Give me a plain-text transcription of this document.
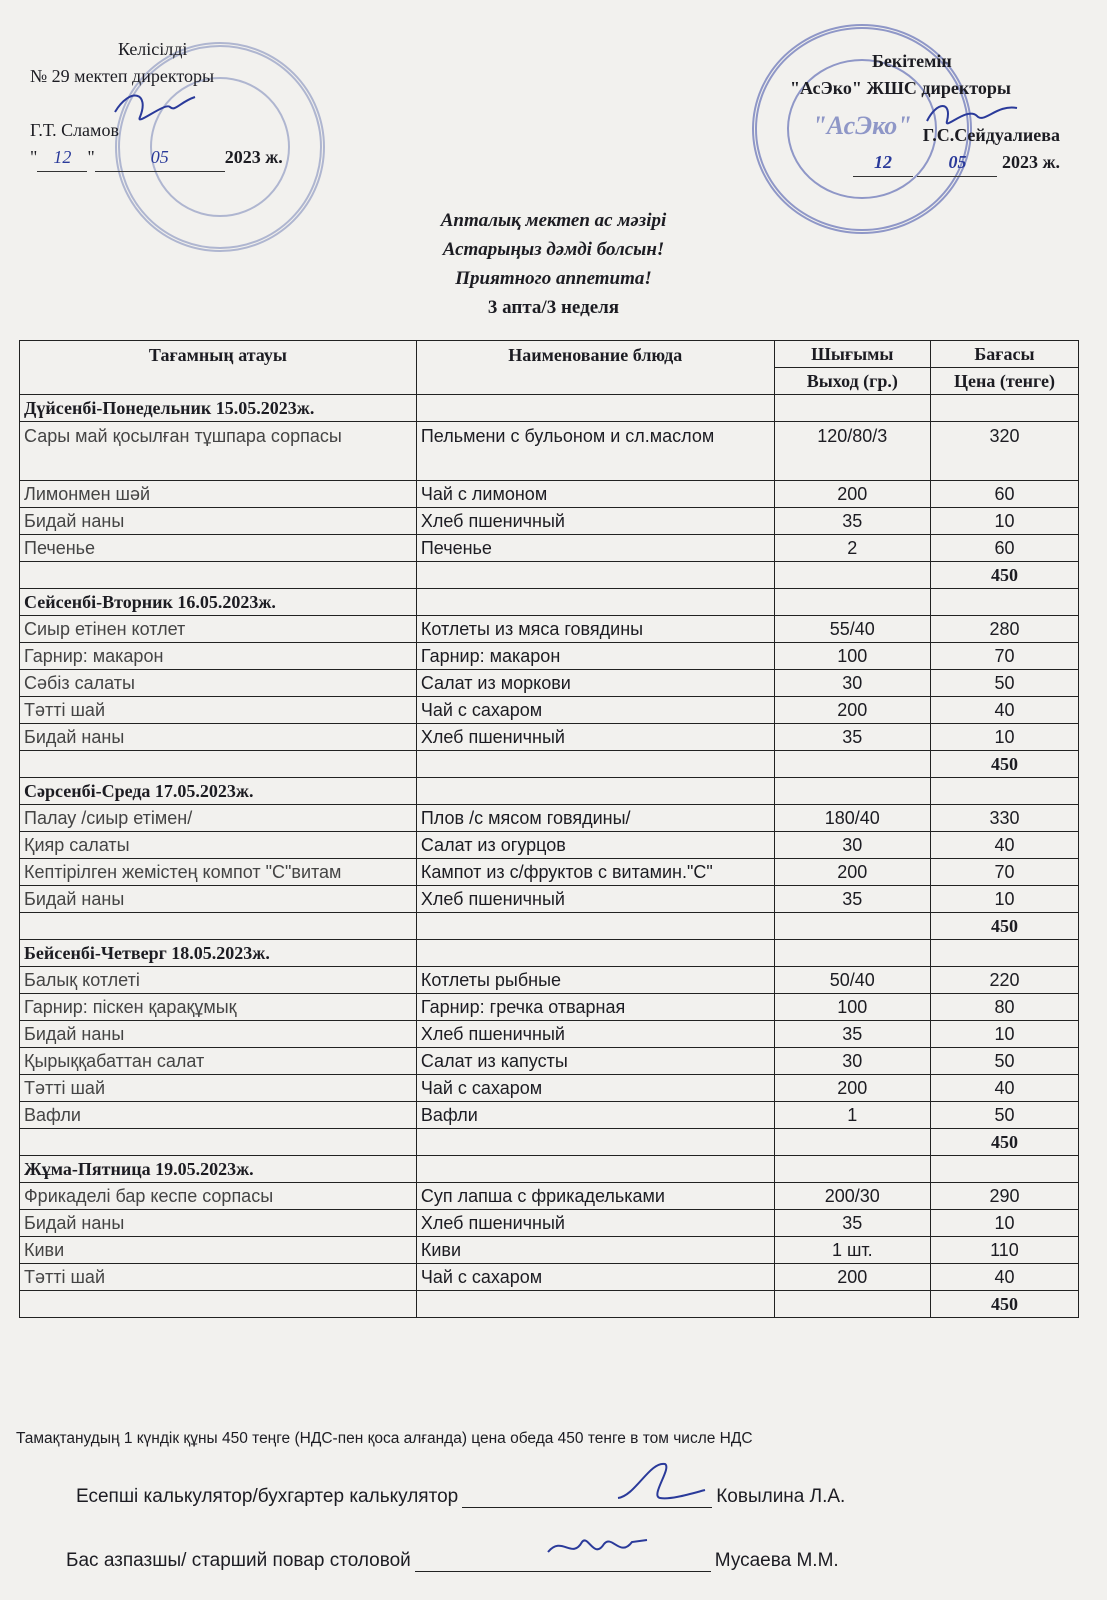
"АсЭко"
Келісілді
№ 29 мектеп директоры
Г.Т. Сламов
" 12 "	05	2023 ж.
Бекітемін
"АсЭко" ЖШС директоры
Г.С.Сейдуалиева
12	05 2023 ж.
Апталық мектеп ас мәзірі
Астарыңыз дәмді болсын!
Приятного аппетита!
3 апта/3 неделя
Тағамның атауы	Наименование блюда	Шығымы	Бағасы
		Выход (гр.)	Цена (тенге)
Дүйсенбі-Понедельник 15.05.2023ж.			
Сары май қосылған тұшпара сорпасы	Пельмени с бульоном и сл.маслом	120/80/3	320
Лимонмен шәй	Чай с лимоном	200	60
Бидай наны	Хлеб пшеничный	35	10
Печенье	Печенье	2	60
			450
Сейсенбі-Вторник 16.05.2023ж.			
Сиыр етінен котлет	Котлеты из мяса говядины	55/40	280
Гарнир: макарон	Гарнир: макарон	100	70
Сәбіз салаты	Салат из моркови	30	50
Тәтті шай	Чай с сахаром	200	40
Бидай наны	Хлеб пшеничный	35	10
			450
Сәрсенбі-Среда 17.05.2023ж.			
Палау /сиыр етімен/	Плов /с мясом говядины/	180/40	330
Қияр салаты	Салат из огурцов	30	40
Кептірілген жемістең компот "С"витам	Кампот из с/фруктов с витамин."С"	200	70
Бидай наны	Хлеб пшеничный	35	10
			450
Бейсенбі-Четверг 18.05.2023ж.			
Балық котлеті	Котлеты рыбные	50/40	220
Гарнир: піскен қарақұмық	Гарнир: гречка отварная	100	80
Бидай наны	Хлеб пшеничный	35	10
Қырыққабаттан салат	Салат из капусты	30	50
Тәтті шай	Чай с сахаром	200	40
Вафли	Вафли	1	50
			450
Жұма-Пятница 19.05.2023ж.			
Фрикаделі бар кеспе сорпасы	Суп лапша с фрикадельками	200/30	290
Бидай наны	Хлеб пшеничный	35	10
Киви	Киви	1 шт.	110
Тәтті шай	Чай с сахаром	200	40
			450
Тамақтанудың 1 күндік құны 450 теңге (НДС-пен қоса алғанда) цена обеда 450 тенге в том числе НДС
Есепші калькулятор/бухгартер калькулятор	Ковылина Л.А.
Бас азпазшы/ старший повар столовой	Мусаева М.М.
